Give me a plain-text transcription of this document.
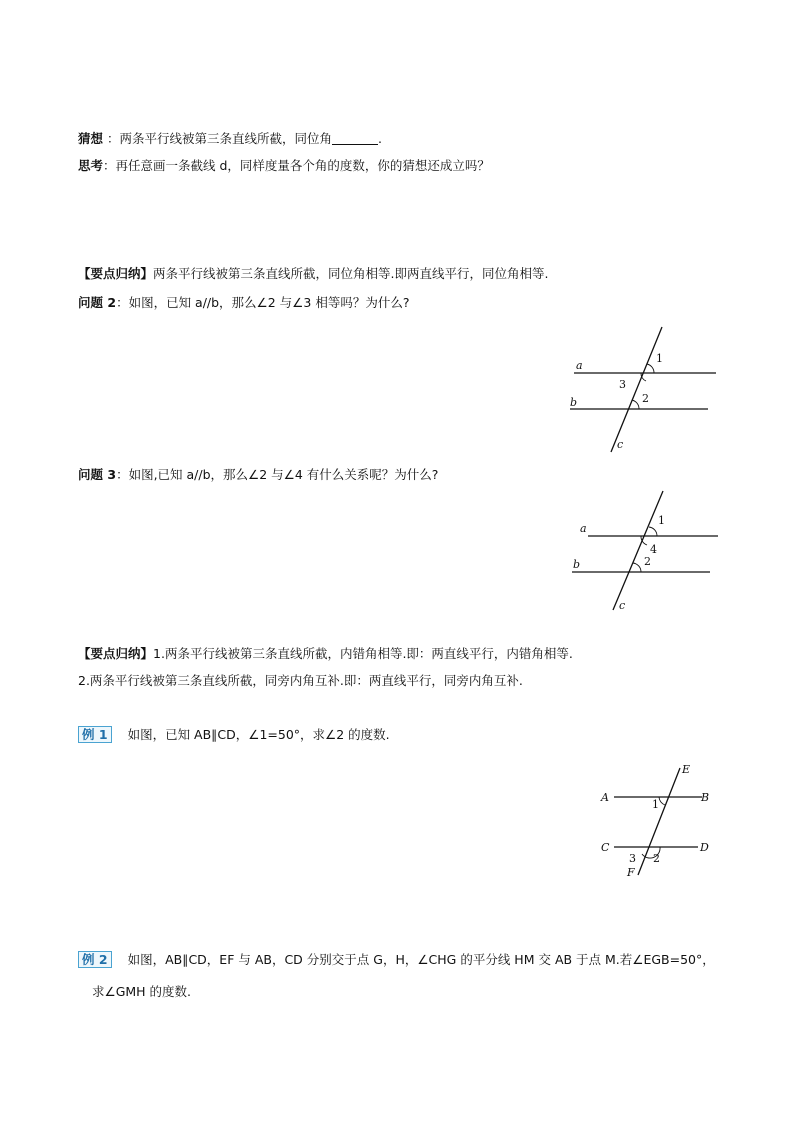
猜想 ：两条平行线被第三条直线所截，同位角	.
思考：再任意画一条截线 d，同样度量各个角的度数，你的猜想还成立吗？
【要点归纳】两条平行线被第三条直线所截，同位角相等.即两直线平行，同位角相等.
问题 2：如图，已知 a//b，那么∠2 与∠3 相等吗？为什么?
a
b
c
1
3
2
问题 3：如图,已知 a//b，那么∠2 与∠4 有什么关系呢？为什么?
a
b
c
1
4
2
【要点归纳】1.两条平行线被第三条直线所截，内错角相等.即：两直线平行，内错角相等.
2.两条平行线被第三条直线所截，同旁内角互补.即：两直线平行，同旁内角互补.
例 1 如图，已知 AB∥CD，∠1=50°，求∠2 的度数.
A	B
C	D
E
F
1
2
3
例 2 如图，AB∥CD，EF 与 AB，CD 分别交于点 G，H，∠CHG 的平分线 HM 交 AB 于点 M.若∠EGB=50°，
求∠GMH 的度数.
